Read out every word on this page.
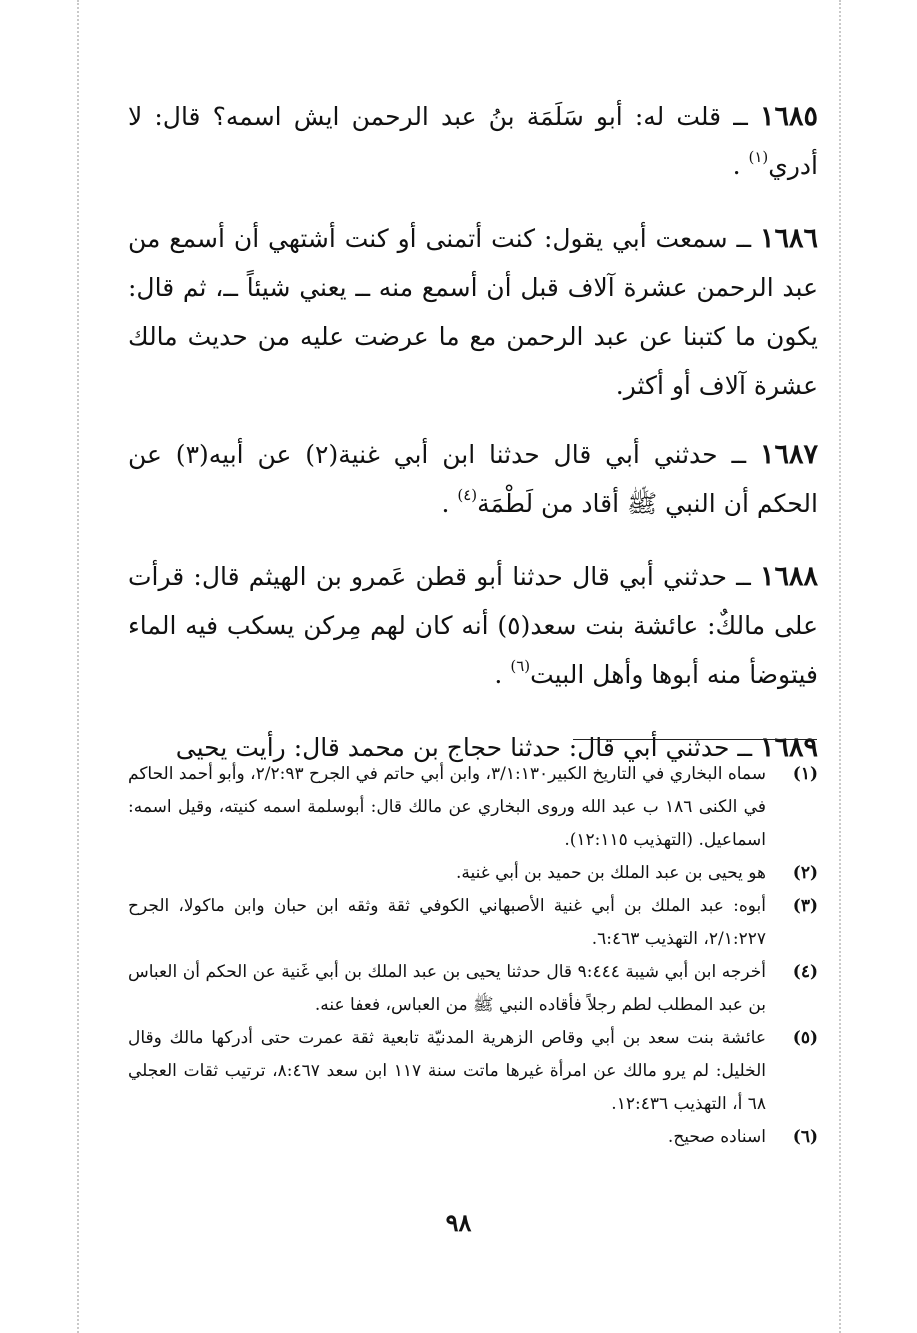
١٦٨٥ ــ قلت له: أبو سَلَمَة بنُ عبد الرحمن ايش اسمه؟ قال: لا أدري$^{(١)}$ .

١٦٨٦ ــ سمعت أبي يقول: كنت أتمنى أو كنت أشتهي أن أسمع من عبد الرحمن عشرة آلاف قبل أن أسمع منه ــ يعني شيئاً ــ، ثم قال: يكون ما كتبنا عن عبد الرحمن مع ما عرضت عليه من حديث مالك عشرة آلاف أو أكثر.

١٦٨٧ ــ حدثني أبي قال حدثنا ابن أبي غنية(٢) عن أبيه(٣) عن الحكم أن النبي ﷺ أقاد من لَطْمَة$^{(٤)}$ .

١٦٨٨ ــ حدثني أبي قال حدثنا أبو قطن عَمرو بن الهيثم قال: قرأت على مالكٌ: عائشة بنت سعد(٥) أنه كان لهم مِركن يسكب فيه الماء فيتوضأ منه أبوها وأهل البيت$^{(٦)}$ .

١٦٨٩ ــ حدثني أبي قال: حدثنا حجاج بن محمد قال: رأيت يحيى

(١)
سماه البخاري في التاريخ الكبير٣/١:١٣٠، وابن أبي حاتم في الجرح ٢/٢:٩٣، وأبو أحمد الحاكم في الكنى ١٨٦ ب عبد الله وروى البخاري عن مالك قال: أبوسلمة اسمه كنيته، وقيل اسمه: اسماعيل. (التهذيب ١٢:١١٥).
(٢)
هو يحيى بن عبد الملك بن حميد بن أبي غنية.
(٣)
أبوه: عبد الملك بن أبي غنية الأصبهاني الكوفي ثقة وثقه ابن حبان وابن ماكولا، الجرح ٢/١:٢٢٧، التهذيب ٦:٤٦٣.
(٤)
أخرجه ابن أبي شيبة ٩:٤٤٤ قال حدثنا يحيى بن عبد الملك بن أبي غَنية عن الحكم أن العباس بن عبد المطلب لطم رجلاً فأقاده النبي ﷺ من العباس، فعفا عنه.
(٥)
عائشة بنت سعد بن أبي وقاص الزهرية المدنيّة تابعية ثقة عمرت حتى أدركها مالك وقال الخليل: لم يرو مالك عن امرأة غيرها ماتت سنة ١١٧ ابن سعد ٨:٤٦٧، ترتيب ثقات العجلي ٦٨ أ، التهذيب ١٢:٤٣٦.
(٦)
اسناده صحيح.
٩٨
